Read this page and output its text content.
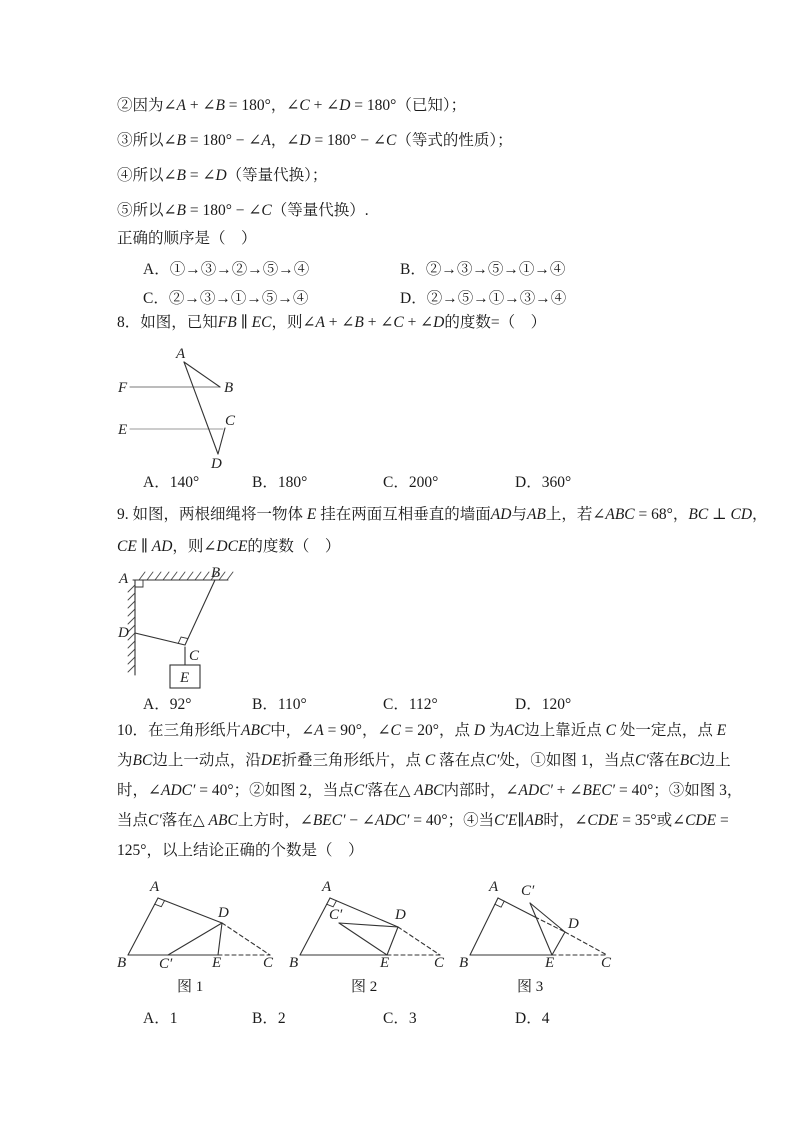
②因为∠A + ∠B = 180°，∠C + ∠D = 180°（已知）；
③所以∠B = 180° − ∠A，∠D = 180° − ∠C（等式的性质）；
④所以∠B = ∠D（等量代换）；
⑤所以∠B = 180° − ∠C（等量代换）.
正确的顺序是（　）
A．①→③→②→⑤→④	B．②→③→⑤→①→④
C．②→③→①→⑤→④	D．②→⑤→①→③→④
8．如图，已知FB ∥ EC，则∠A + ∠B + ∠C + ∠D的度数=（　）
A
B
C
D
E
F
A．140°	B．180°	C．200°	D．360°
9. 如图，两根细绳将一物体 E 挂在两面互相垂直的墙面AD与AB上，若∠ABC = 68°，BC ⊥ CD，
CE ∥ AD，则∠DCE的度数（　）
A	B
C
D
E
A．92°	B．110°	C．112°	D．120°
10．在三角形纸片ABC中，∠A = 90°，∠C = 20°，点 D 为AC边上靠近点 C 处一定点，点 E
为BC边上一动点，沿DE折叠三角形纸片，点 C 落在点C′处，①如图 1，当点C′落在BC边上
时，∠ADC′ = 40°；②如图 2，当点C′落在△ ABC内部时，∠ADC′ + ∠BEC′ = 40°；③如图 3，
当点C′落在△ ABC上方时，∠BEC′ − ∠ADC′ = 40°；④当C′E∥AB时，∠CDE = 35°或∠CDE =
125°，以上结论正确的个数是（　）
A
B C′	E	C
D
A
B
C′
E	C
D
A
B
C′
E	C
D
图 1	图 2	图 3
A．1	B．2	C．3	D．4
